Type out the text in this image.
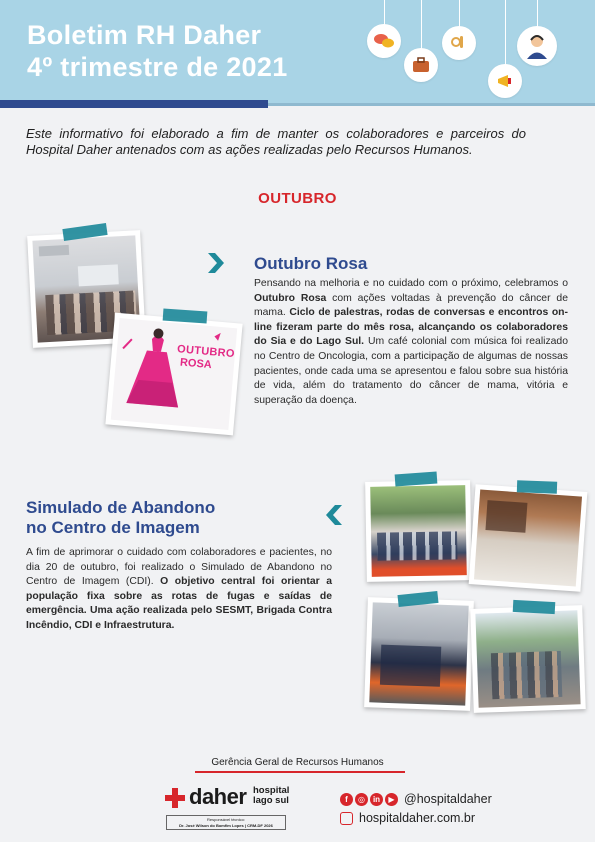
Boletim RH Daher
4º trimestre de 2021
Este informativo foi elaborado a fim de manter os colaboradores e parceiros do Hospital Daher antenados com as ações realizadas pelo Recursos Humanos.
OUTUBRO
OUTUBRO
ROSA
Outubro Rosa
Pensando na melhoria e no cuidado com o próximo, celebramos o Outubro Rosa com ações voltadas à prevenção do câncer de mama. Ciclo de palestras, rodas de conversas e encontros on-line fizeram parte do mês rosa, alcançando os colaboradores do Sia e do Lago Sul. Um café colonial com música foi realizado no Centro de Oncologia, com a participação de algumas de nossas pacientes, onde cada uma se apresentou e falou sobre sua história de vida, além do tratamento do câncer de mama, vitória e superação da doença.
Simulado de Abandono
no Centro de Imagem
A fim de aprimorar o cuidado com colaboradores e pacientes, no dia 20 de outubro, foi realizado o Simulado de Abandono no Centro de Imagem (CDI). O objetivo central foi orientar a população fixa sobre as rotas de fugas e saídas de emergência. Uma ação realizada pelo SESMT, Brigada Contra Incêndio, CDI e Infraestrutura.
Gerência Geral de Recursos Humanos
daher hospital
lago sul
Responsável técnico:
Dr. José Wilson do Bomfim Lopes | CRM-DF 2026
f	◎ in	▶ @hospitaldaher
hospitaldaher.com.br
